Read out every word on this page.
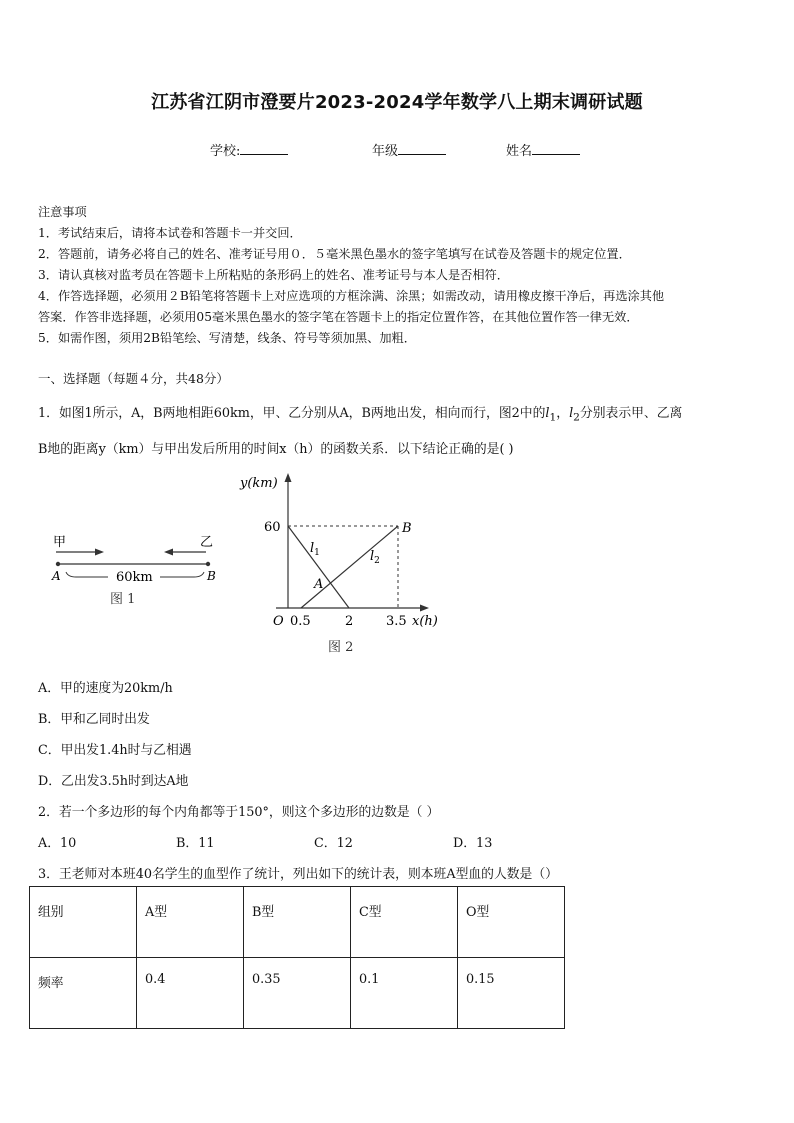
江苏省江阴市澄要片2023-2024学年数学八上期末调研试题
学校:	年级	姓名
注意事项
1．考试结束后，请将本试卷和答题卡一并交回．
2．答题前，请务必将自己的姓名、准考证号用０．５毫米黑色墨水的签字笔填写在试卷及答题卡的规定位置．
3．请认真核对监考员在答题卡上所粘贴的条形码上的姓名、准考证号与本人是否相符．
4．作答选择题，必须用２B铅笔将答题卡上对应选项的方框涂满、涂黑；如需改动，请用橡皮擦干净后，再选涂其他
答案．作答非选择题，必须用05毫米黑色墨水的签字笔在答题卡上的指定位置作答，在其他位置作答一律无效．
5．如需作图，须用2B铅笔绘、写清楚，线条、符号等须加黑、加粗．
一、选择题（每题４分，共48分）
1．如图1所示，A，B两地相距60km，甲、乙分别从A，B两地出发，相向而行，图2中的$l_1$，$l_2$分别表示甲、乙离
B地的距离y（km）与甲出发后所用的时间x（h）的函数关系．以下结论正确的是( )
甲	乙
A	B
60km
图 1
y(km)
x(h)
60
O 0.5	2	3.5
$l_1$	$l_2$
A
B
图 2
A．甲的速度为20km/h
B．甲和乙同时出发
C．甲出发1.4h时与乙相遇
D．乙出发3.5h时到达A地
2．若一个多边形的每个内角都等于150°，则这个多边形的边数是（ ）
A．10	B．11	C．12	D．13
3．王老师对本班40名学生的血型作了统计，列出如下的统计表，则本班A型血的人数是（）
组别	A型	B型	C型	O型
频率	0.4	0.35	0.1	0.15
